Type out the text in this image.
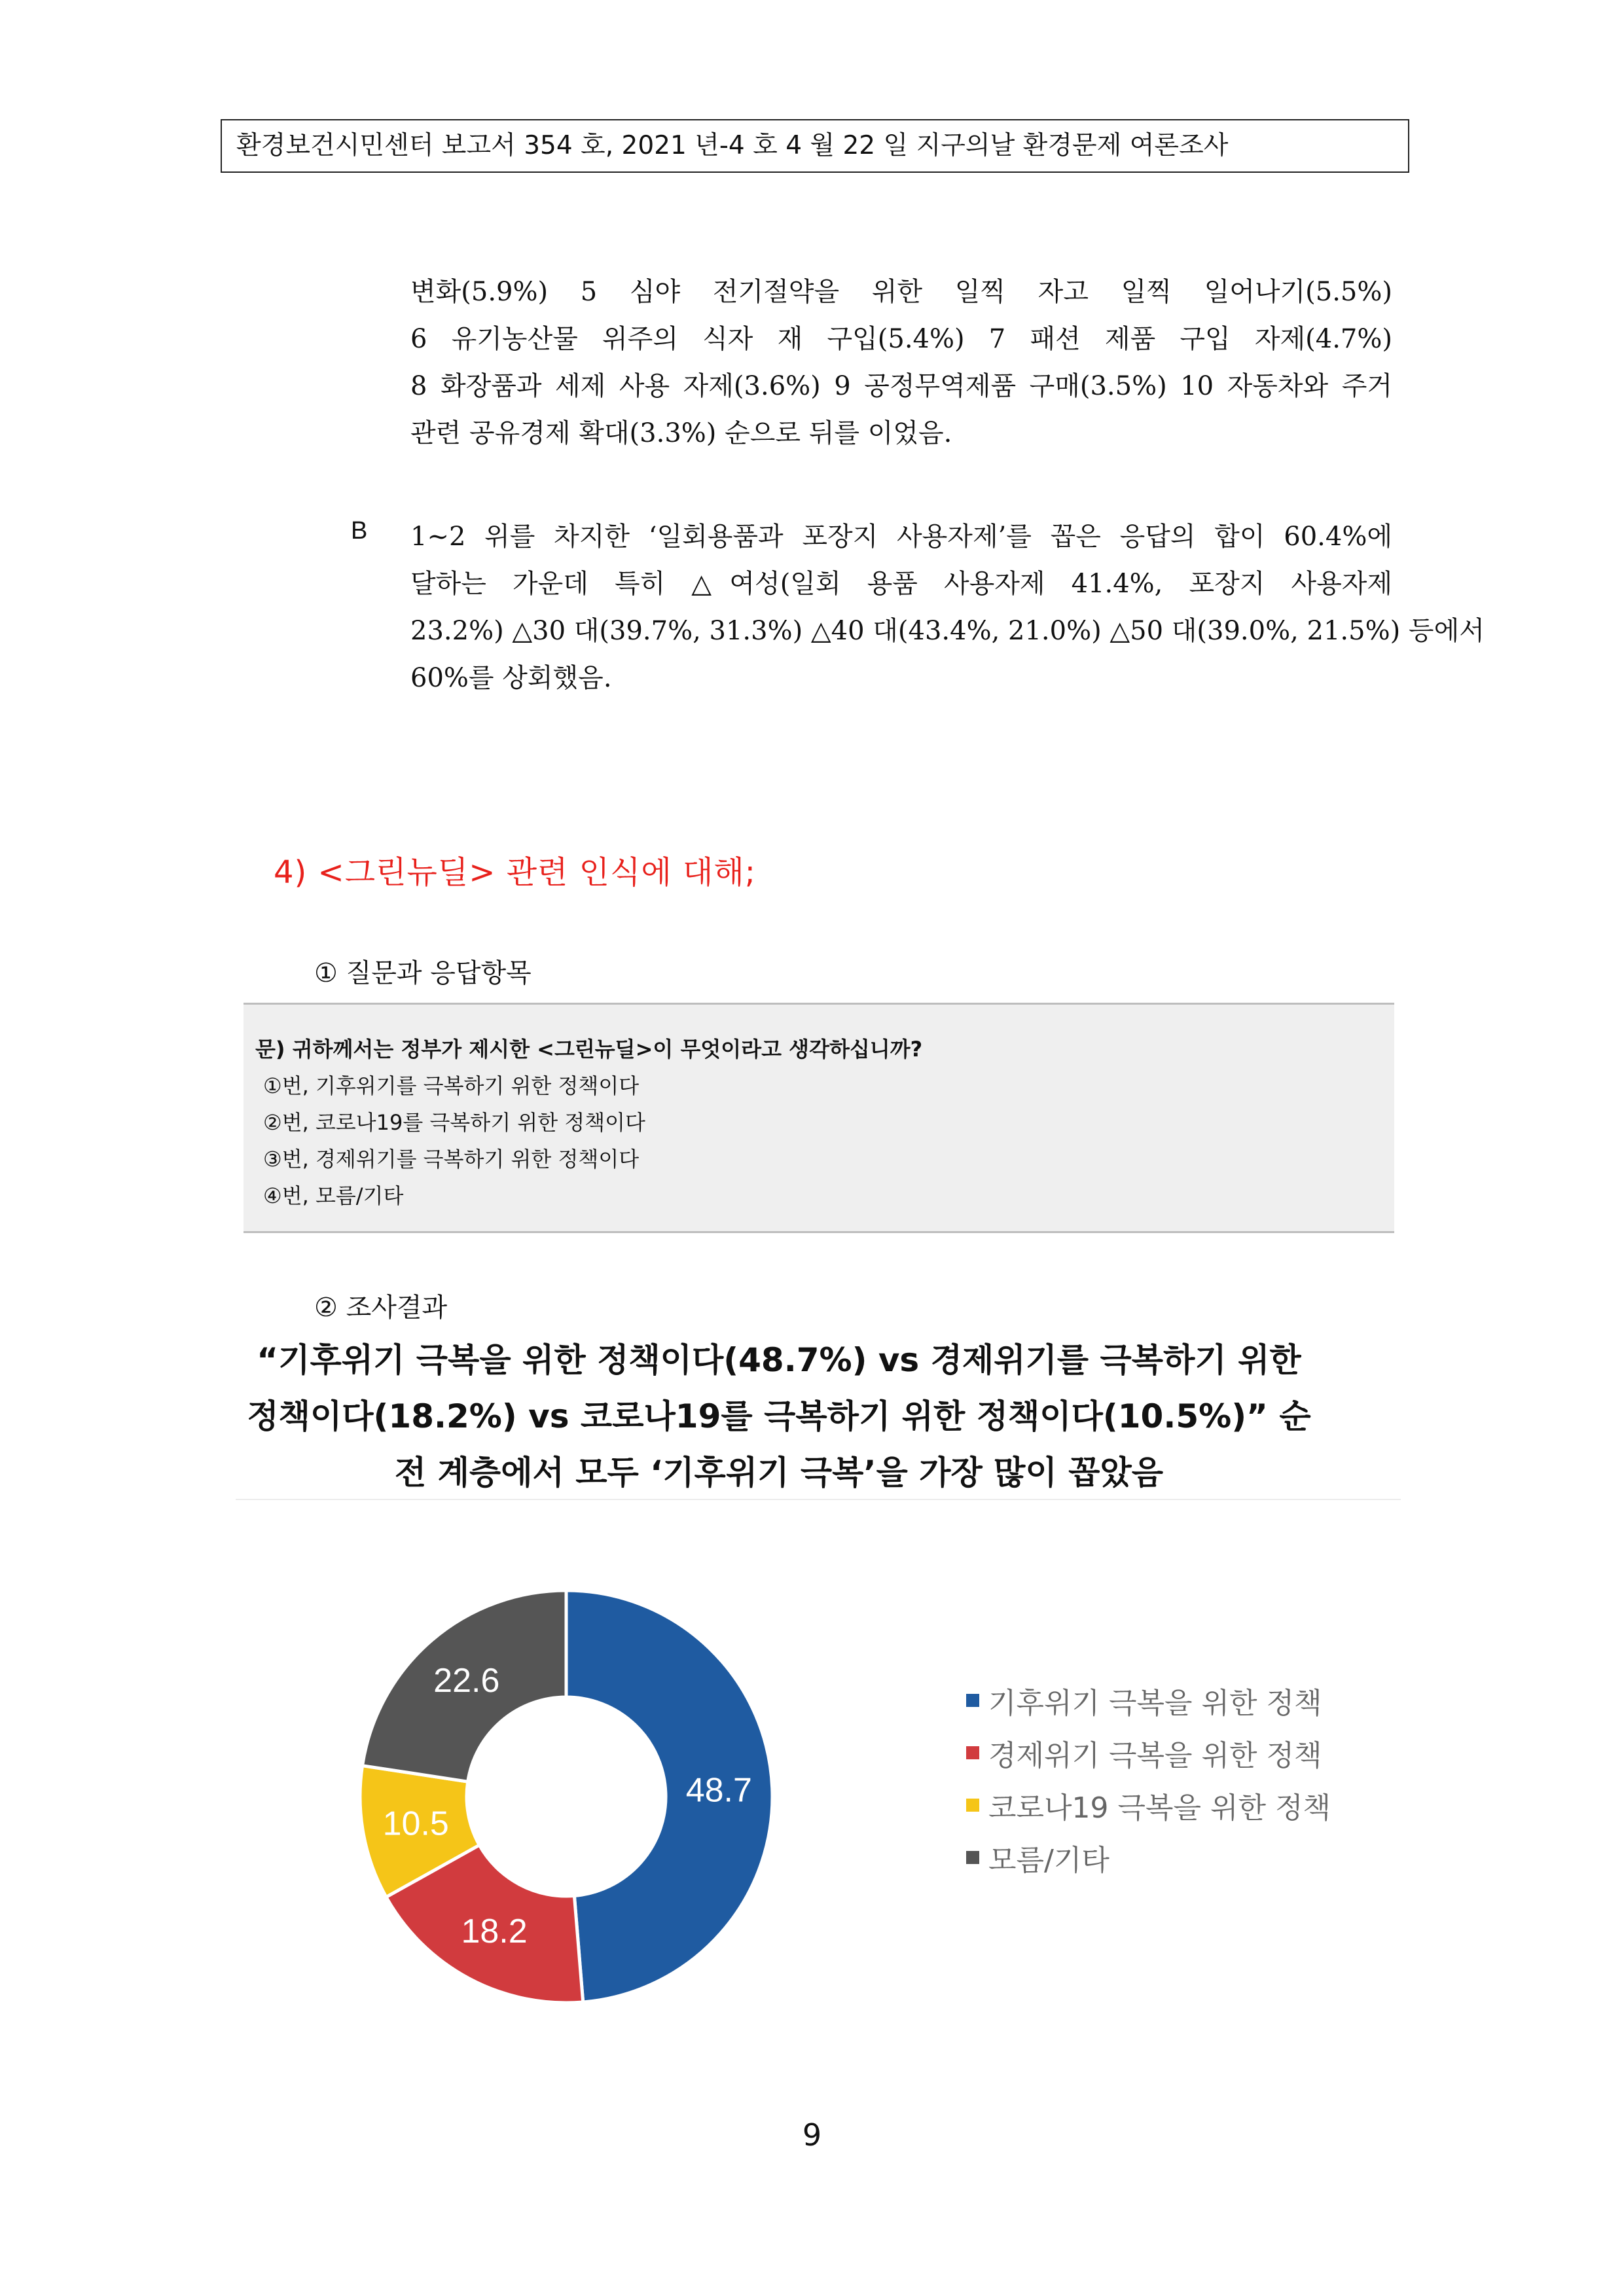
환경보건시민센터 보고서 354 호, 2021 년-4 호 4 월 22 일 지구의날 환경문제 여론조사
변화(5.9%) 5 심야 전기절약을 위한 일찍 자고 일찍 일어나기(5.5%)
6 유기농산물 위주의 식자 재 구입(5.4%) 7 패션 제품 구입 자제(4.7%)
8 화장품과 세제 사용 자제(3.6%) 9 공정무역제품 구매(3.5%) 10 자동차와 주거
관련 공유경제 확대(3.3%) 순으로 뒤를 이었음.
B 1~2 위를 차지한 ‘일회용품과 포장지 사용자제’를 꼽은 응답의 합이 60.4%에
달하는 가운데 특히 △여성(일회 용품 사용자제 41.4%, 포장지 사용자제
23.2%) △30 대(39.7%, 31.3%) △40 대(43.4%, 21.0%) △50 대(39.0%, 21.5%) 등에서
60%를 상회했음.
4) <그린뉴딜> 관련 인식에 대해;
① 질문과 응답항목
문) 귀하께서는 정부가 제시한 <그린뉴딜>이 무엇이라고 생각하십니까?
①번, 기후위기를 극복하기 위한 정책이다
②번, 코로나19를 극복하기 위한 정책이다
③번, 경제위기를 극복하기 위한 정책이다
④번, 모름/기타
② 조사결과
“기후위기 극복을 위한 정책이다(48.7%) vs 경제위기를 극복하기 위한
정책이다(18.2%) vs 코로나19를 극복하기 위한 정책이다(10.5%)” 순
전 계층에서 모두 ‘기후위기 극복’을 가장 많이 꼽았음
48.7
18.2
10.5
22.6
기후위기 극복을 위한 정책
경제위기 극복을 위한 정책
코로나19 극복을 위한 정책
모름/기타
9
